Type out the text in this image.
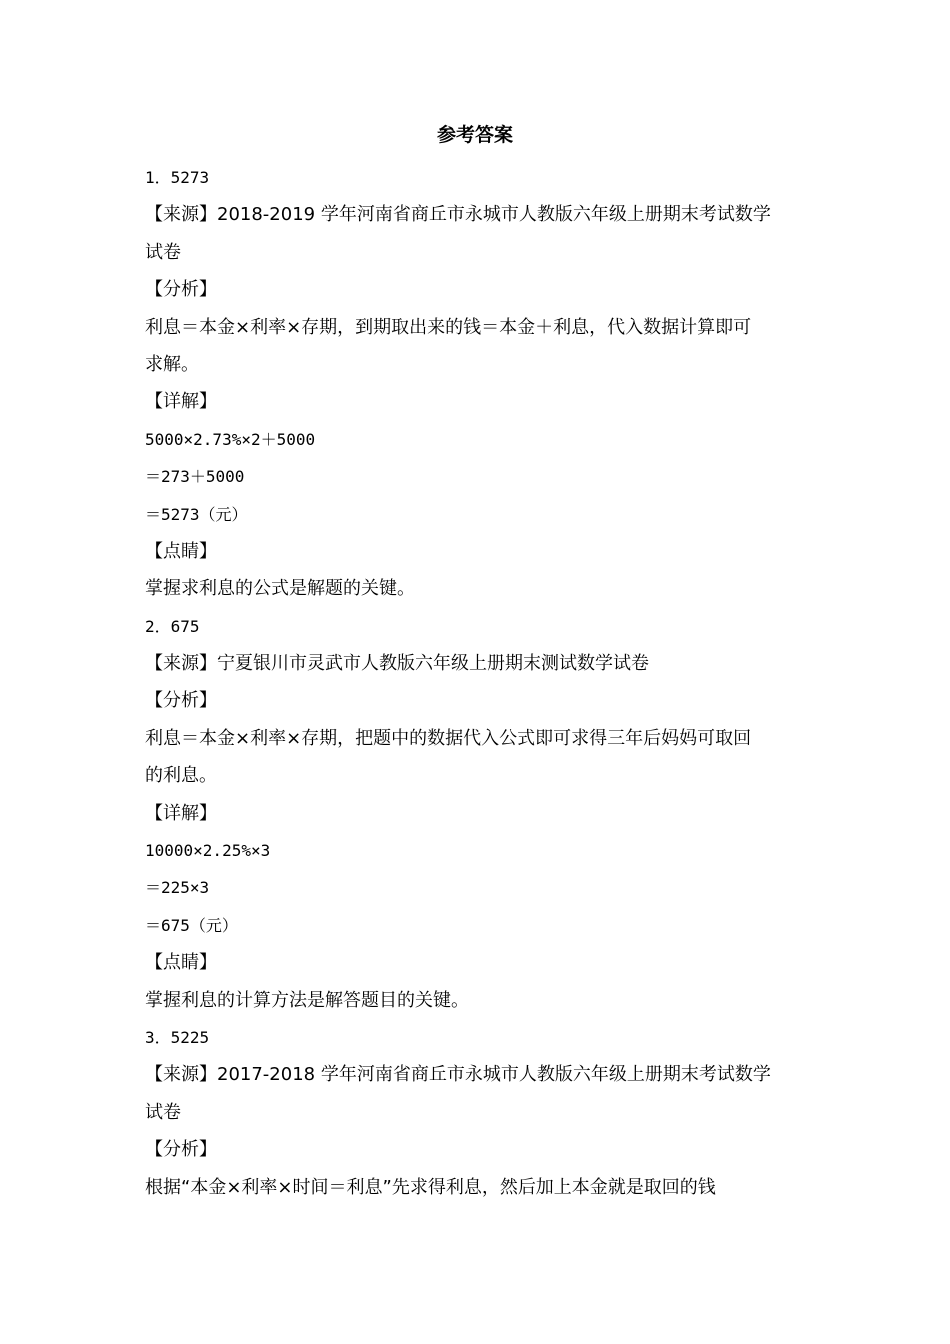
参考答案
1．5273
【来源】2018-2019 学年河南省商丘市永城市人教版六年级上册期末考试数学
试卷
【分析】
利息＝本金×利率×存期，到期取出来的钱＝本金＋利息，代入数据计算即可
求解。
【详解】
5000×2.73%×2＋5000
＝273＋5000
＝5273（元）
【点睛】
掌握求利息的公式是解题的关键。
2．675
【来源】宁夏银川市灵武市人教版六年级上册期末测试数学试卷
【分析】
利息＝本金×利率×存期，把题中的数据代入公式即可求得三年后妈妈可取回
的利息。
【详解】
10000×2.25%×3
＝225×3
＝675（元）
【点睛】
掌握利息的计算方法是解答题目的关键。
3．5225
【来源】2017-2018 学年河南省商丘市永城市人教版六年级上册期末考试数学
试卷
【分析】
根据“本金×利率×时间＝利息”先求得利息，然后加上本金就是取回的钱
